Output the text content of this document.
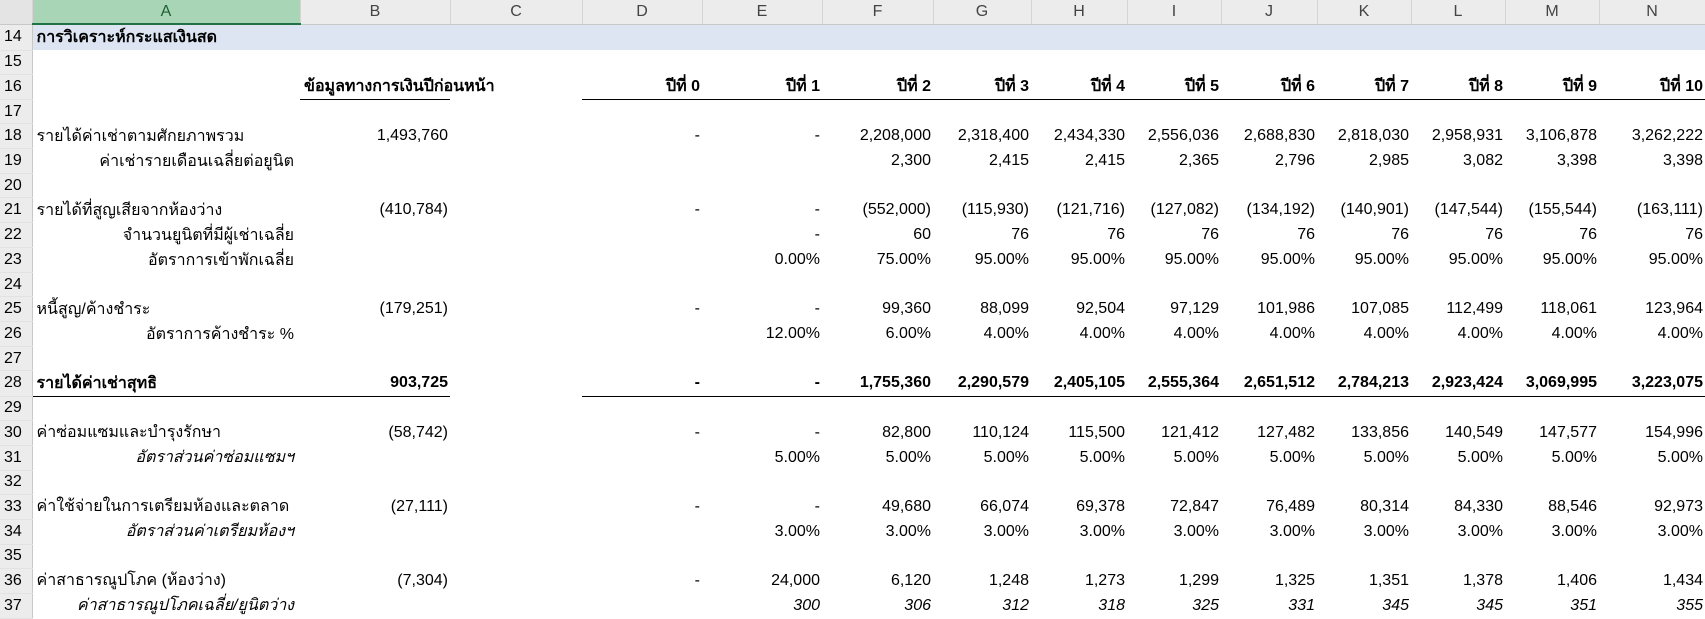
	A	B	C	D	E	F	G	H	I	J	K	L	M	N
14	การวิเคราะห์กระแสเงินสด													
15														
16		ข้อมูลทางการเงินปีก่อนหน้า		ปีที่ 0	ปีที่ 1	ปีที่ 2	ปีที่ 3	ปีที่ 4	ปีที่ 5	ปีที่ 6	ปีที่ 7	ปีที่ 8	ปีที่ 9	ปีที่ 10
17														
18	รายได้ค่าเช่าตามศักยภาพรวม	1,493,760		-	-	2,208,000	2,318,400	2,434,330	2,556,036	2,688,830	2,818,030	2,958,931	3,106,878	3,262,222
19	ค่าเช่ารายเดือนเฉลี่ยต่อยูนิต					2,300	2,415	2,415	2,365	2,796	2,985	3,082	3,398	3,398
20														
21	รายได้ที่สูญเสียจากห้องว่าง	(410,784)		-	-	(552,000)	(115,930)	(121,716)	(127,082)	(134,192)	(140,901)	(147,544)	(155,544)	(163,111)
22	จำนวนยูนิตที่มีผู้เช่าเฉลี่ย				-	60	76	76	76	76	76	76	76	76
23	อัตราการเข้าพักเฉลี่ย				0.00%	75.00%	95.00%	95.00%	95.00%	95.00%	95.00%	95.00%	95.00%	95.00%
24														
25	หนี้สูญ/ค้างชำระ	(179,251)		-	-	99,360	88,099	92,504	97,129	101,986	107,085	112,499	118,061	123,964
26	อัตราการค้างชำระ %				12.00%	6.00%	4.00%	4.00%	4.00%	4.00%	4.00%	4.00%	4.00%	4.00%
27														
28	รายได้ค่าเช่าสุทธิ	903,725		-	-	1,755,360	2,290,579	2,405,105	2,555,364	2,651,512	2,784,213	2,923,424	3,069,995	3,223,075
29														
30	ค่าซ่อมแซมและบำรุงรักษา	(58,742)		-	-	82,800	110,124	115,500	121,412	127,482	133,856	140,549	147,577	154,996
31	อัตราส่วนค่าซ่อมแซมฯ				5.00%	5.00%	5.00%	5.00%	5.00%	5.00%	5.00%	5.00%	5.00%	5.00%
32														
33	ค่าใช้จ่ายในการเตรียมห้องและตลาด	(27,111)		-	-	49,680	66,074	69,378	72,847	76,489	80,314	84,330	88,546	92,973
34	อัตราส่วนค่าเตรียมห้องฯ				3.00%	3.00%	3.00%	3.00%	3.00%	3.00%	3.00%	3.00%	3.00%	3.00%
35														
36	ค่าสาธารณูปโภค (ห้องว่าง)	(7,304)		-	24,000	6,120	1,248	1,273	1,299	1,325	1,351	1,378	1,406	1,434
37	ค่าสาธารณูปโภคเฉลี่ย/ยูนิตว่าง				300	306	312	318	325	331	345	345	351	355
